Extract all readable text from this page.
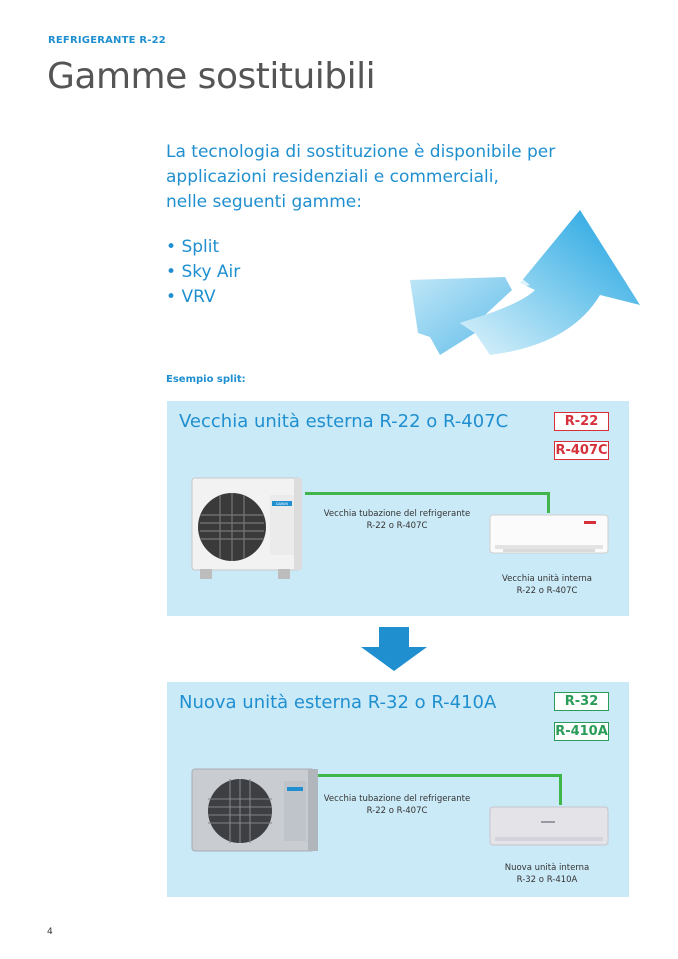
REFRIGERANTE R-22
Gamme sostituibili

La tecnologia di sostituzione è disponibile per

applicazioni residenziali e commerciali,

nelle seguenti gamme:

• Split
• Sky Air
• VRV
Esempio split:
Vecchia unità esterna R-22 o R-407C	R-22
R-407C
Vecchia tubazione del refrigerante
R-22 o R-407C
DAIKIN
Vecchia unità interna
R-22 o R-407C
Nuova unità esterna R-32 o R-410A	R-32
R-410A
Vecchia tubazione del refrigerante
R-22 o R-407C
Nuova unità interna
R-32 o R-410A
4
